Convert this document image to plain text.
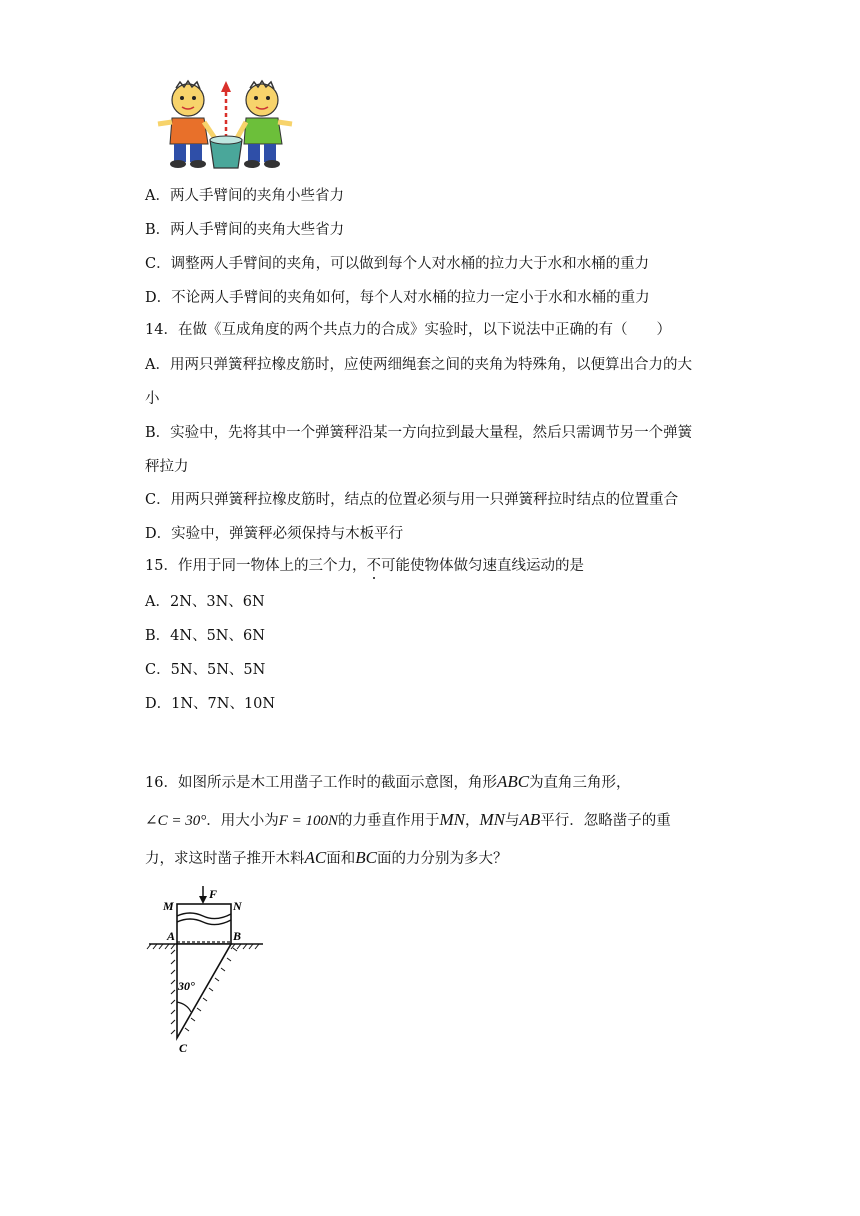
A．两人手臂间的夹角小些省力
B．两人手臂间的夹角大些省力
C．调整两人手臂间的夹角，可以做到每个人对水桶的拉力大于水和水桶的重力
D．不论两人手臂间的夹角如何，每个人对水桶的拉力一定小于水和水桶的重力
14．在做《互成角度的两个共点力的合成》实验时，以下说法中正确的有（　　）
A．用两只弹簧秤拉橡皮筋时，应使两细绳套之间的夹角为特殊角，以便算出合力的大
小
B．实验中，先将其中一个弹簧秤沿某一方向拉到最大量程，然后只需调节另一个弹簧
秤拉力
C．用两只弹簧秤拉橡皮筋时，结点的位置必须与用一只弹簧秤拉时结点的位置重合
D．实验中，弹簧秤必须保持与木板平行
15．作用于同一物体上的三个力，不可能使物体做匀速直线运动的是
A．2N、3N、6N
B．4N、5N、6N
C．5N、5N、5N
D．1N、7N、10N
16．如图所示是木工用凿子工作时的截面示意图，角形ABC为直角三角形，
∠C = 30°．用大小为F = 100N的力垂直作用于MN，MN与AB平行．忽略凿子的重
力，求这时凿子推开木料AC面和BC面的力分别为多大？
F
M	N
A	B
30°
C
